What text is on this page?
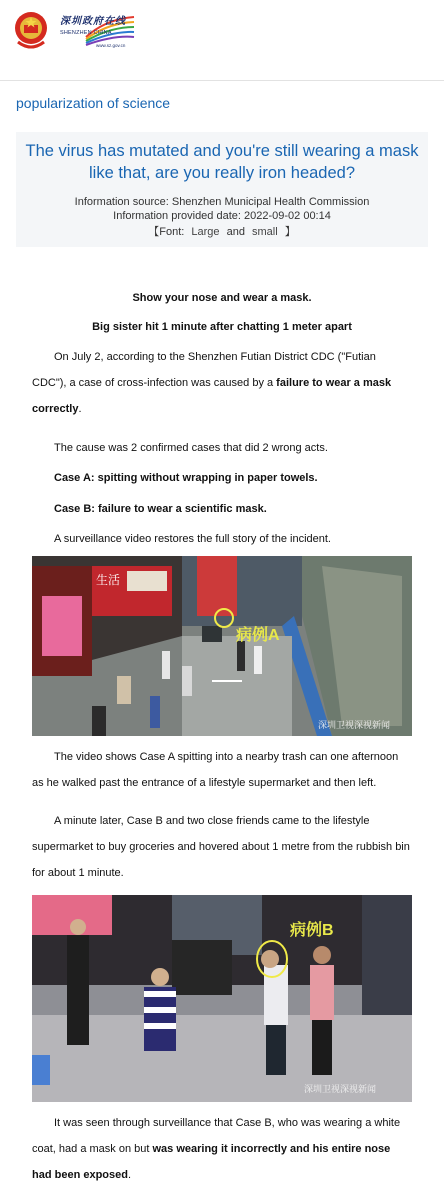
深圳政府在线
SHENZHEN CHINA
www.sz.gov.cn
popularization of science
The virus has mutated and you're still wearing a mask like that, are you really iron headed?
Information source: Shenzhen Municipal Health Commission
Information provided date: 2022-09-02 00:14
【Font: Large and small 】
Show your nose and wear a mask.
Big sister hit 1 minute after chatting 1 meter apart
On July 2, according to the Shenzhen Futian District CDC ("Futian CDC"), a case of cross-infection was caused by a failure to wear a mask correctly.
The cause was 2 confirmed cases that did 2 wrong acts.
Case A: spitting without wrapping in paper towels.
Case B: failure to wear a scientific mask.
A surveillance video restores the full story of the incident.
病例A
生活
深圳卫视深视新闻
The video shows Case A spitting into a nearby trash can one afternoon as he walked past the entrance of a lifestyle supermarket and then left.
A minute later, Case B and two close friends came to the lifestyle supermarket to buy groceries and hovered about 1 metre from the rubbish bin for about 1 minute.
病例B
深圳卫视深视新闻
It was seen through surveillance that Case B, who was wearing a white coat, had a mask on but was wearing it incorrectly and his entire nose had been exposed.
